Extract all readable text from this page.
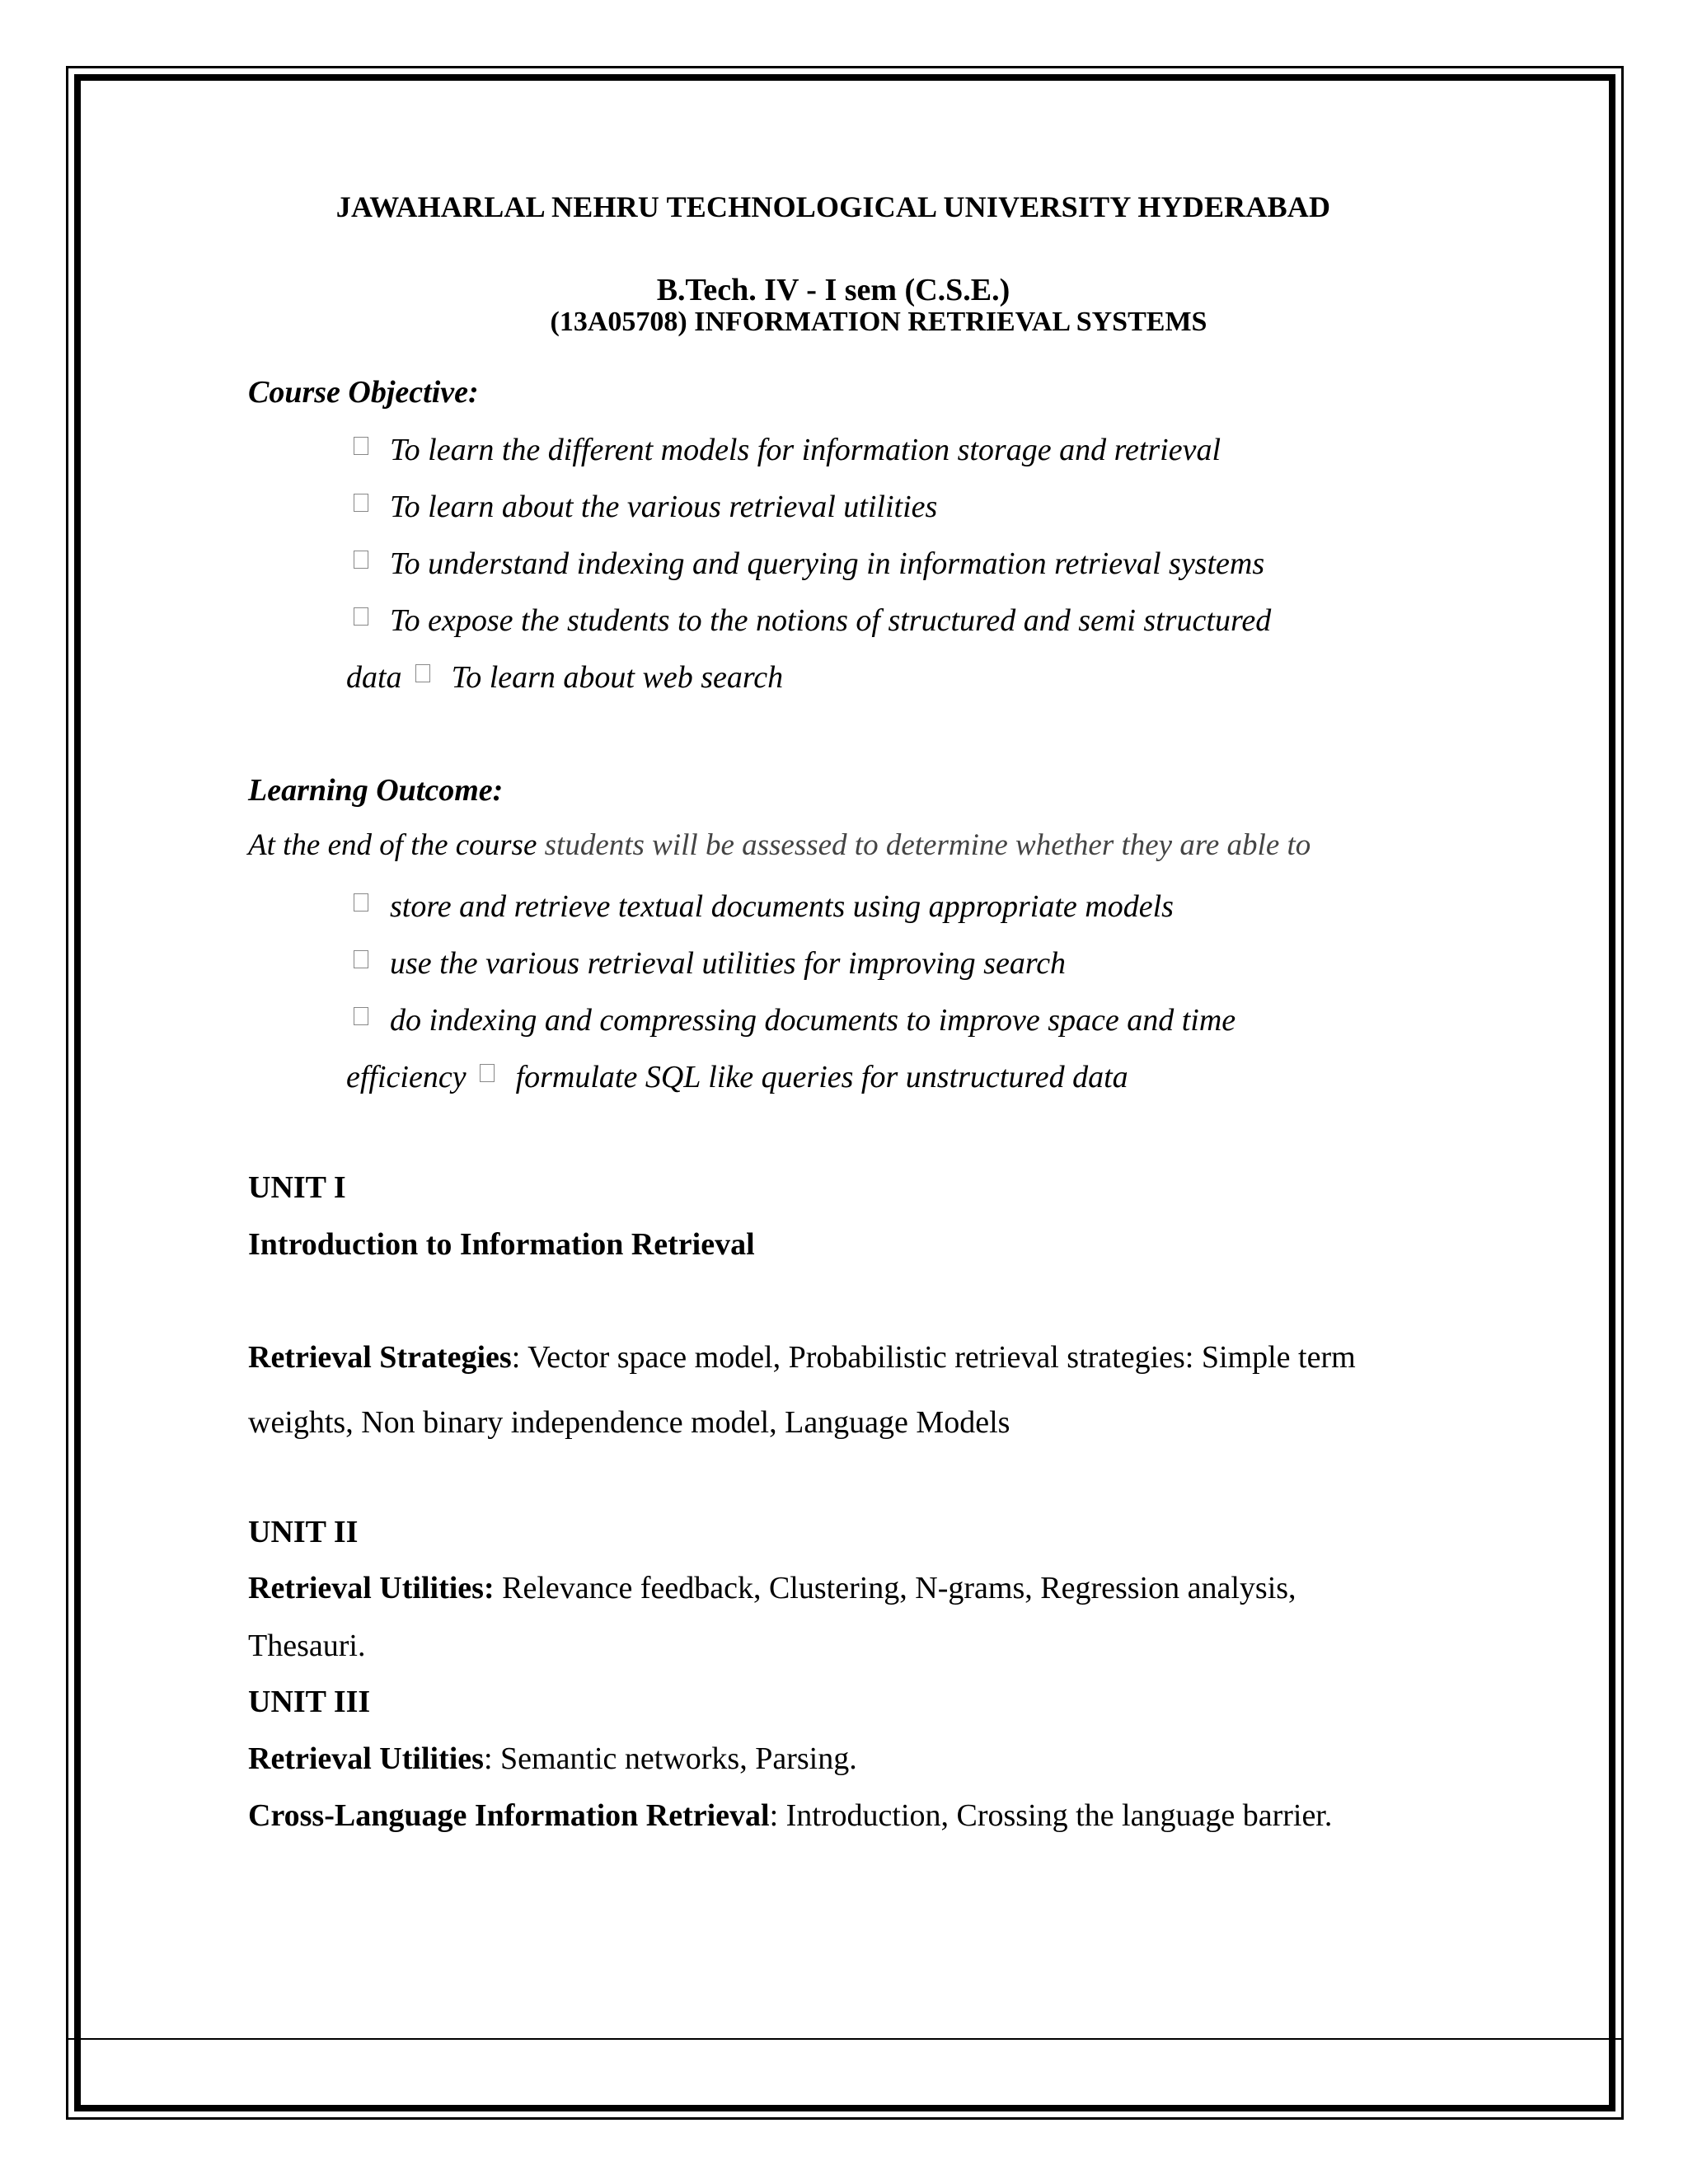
JAWAHARLAL NEHRU TECHNOLOGICAL UNIVERSITY HYDERABAD
B.Tech. IV - I sem (C.S.E.)
(13A05708) INFORMATION RETRIEVAL SYSTEMS
Course Objective:
To learn the different models for information storage and retrieval
To learn about the various retrieval utilities
To understand indexing and querying in information retrieval systems
To expose the students to the notions of structured and semi structured
data To learn about web search
Learning Outcome:
At the end of the course students will be assessed to determine whether they are able to
store and retrieve textual documents using appropriate models
use the various retrieval utilities for improving search
do indexing and compressing documents to improve space and time
efficiency formulate SQL like queries for unstructured data
UNIT I
Introduction to Information Retrieval
Retrieval Strategies: Vector space model, Probabilistic retrieval strategies: Simple term
weights, Non binary independence model, Language Models
UNIT II
Retrieval Utilities: Relevance feedback, Clustering, N-grams, Regression analysis,
Thesauri.
UNIT III
Retrieval Utilities: Semantic networks, Parsing.
Cross-Language Information Retrieval: Introduction, Crossing the language barrier.
